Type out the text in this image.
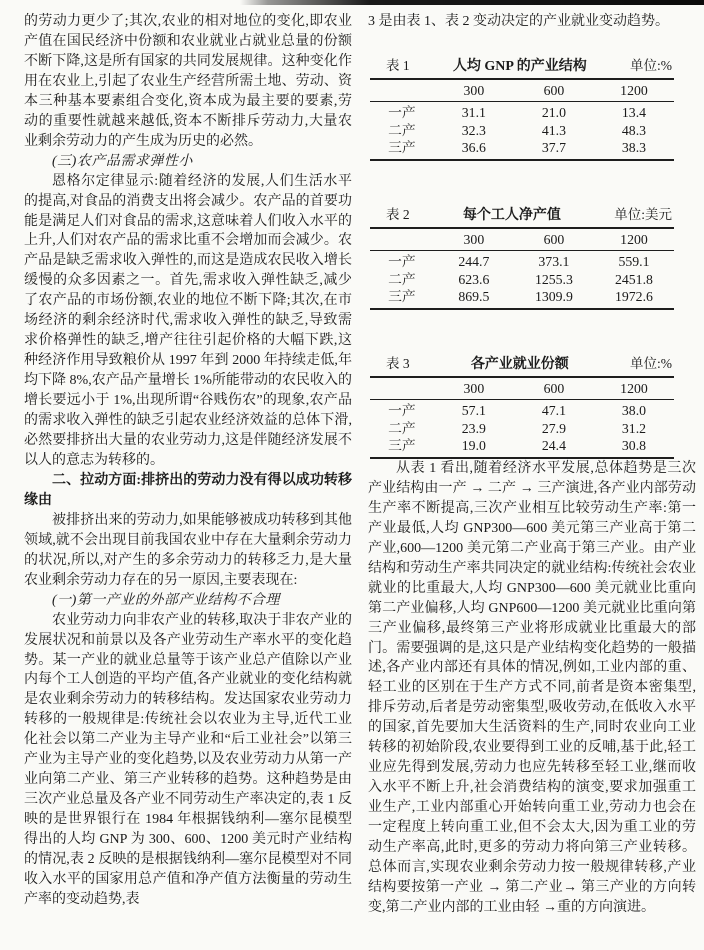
的劳动力更少了;其次,农业的相对地位的变化,即农业产值在国民经济中份额和农业就业占就业总量的份额不断下降,这是所有国家的共同发展规律。这种变化作用在农业上,引起了农业生产经营所需土地、劳动、资本三种基本要素组合变化,资本成为最主要的要素,劳动的重要性就越来越低,资本不断排斥劳动力,大量农业剩余劳动力的产生成为历史的必然。

(三)农产品需求弹性小

恩格尔定律显示:随着经济的发展,人们生活水平的提高,对食品的消费支出将会减少。农产品的首要功能是满足人们对食品的需求,这意味着人们收入水平的上升,人们对农产品的需求比重不会增加而会减少。农产品是缺乏需求收入弹性的,而这是造成农民收入增长缓慢的众多因素之一。首先,需求收入弹性缺乏,减少了农产品的市场份额,农业的地位不断下降;其次,在市场经济的剩余经济时代,需求收入弹性的缺乏,导致需求价格弹性的缺乏,增产往往引起价格的大幅下跌,这种经济作用导致粮价从 1997 年到 2000 年持续走低,年均下降 8%,农产品产量增长 1%所能带动的农民收入的增长要远小于 1%,出现所谓“谷贱伤农”的现象,农产品的需求收入弹性的缺乏引起农业经济效益的总体下滑,必然要排挤出大量的农业劳动力,这是伴随经济发展不以人的意志为转移的。

二、拉动方面:排挤出的劳动力没有得以成功转移缘由

被排挤出来的劳动力,如果能够被成功转移到其他领域,就不会出现目前我国农业中存在大量剩余劳动力的状况,所以,对产生的多余劳动力的转移乏力,是大量农业剩余劳动力存在的另一原因,主要表现在:

(一)第一产业的外部产业结构不合理

农业劳动力向非农产业的转移,取决于非农产业的发展状况和前景以及各产业劳动生产率水平的变化趋势。某一产业的就业总量等于该产业总产值除以产业内每个工人创造的平均产值,各产业就业的变化结构就是农业剩余劳动力的转移结构。发达国家农业劳动力转移的一般规律是:传统社会以农业为主导,近代工业化社会以第二产业为主导产业和“后工业社会”以第三产业为主导产业的变化趋势,以及农业劳动力从第一产业向第二产业、第三产业转移的趋势。这种趋势是由三次产业总量及各产业不同劳动生产率决定的,表 1 反映的是世界银行在 1984 年根据钱纳利—塞尔昆模型得出的人均 GNP 为 300、600、1200 美元时产业结构的情况,表 2 反映的是根据钱纳利—塞尔昆模型对不同收入水平的国家用总产值和净产值方法衡量的劳动生产率的变动趋势,表

3 是由表 1、表 2 变动决定的产业就业变动趋势。

表 1	人均 GNP 的产业结构	单位:%
	300	600	1200
一产	31.1	21.0	13.4
二产	32.3	41.3	48.3
三产	36.6	37.7	38.3
表 2	每个工人净产值	单位:美元
	300	600	1200
一产	244.7	373.1	559.1
二产	623.6	1255.3	2451.8
三产	869.5	1309.9	1972.6
表 3	各产业就业份额	单位:%
	300	600	1200
一产	57.1	47.1	38.0
二产	23.9	27.9	31.2
三产	19.0	24.4	30.8

从表 1 看出,随着经济水平发展,总体趋势是三次产业结构由一产 → 二产 → 三产演进,各产业内部劳动生产率不断提高,三次产业相互比较劳动生产率:第一产业最低,人均 GNP300—600 美元第三产业高于第二产业,600—1200 美元第二产业高于第三产业。由产业结构和劳动生产率共同决定的就业结构:传统社会农业就业的比重最大,人均 GNP300—600 美元就业比重向第二产业偏移,人均 GNP600—1200 美元就业比重向第三产业偏移,最终第三产业将形成就业比重最大的部门。需要强调的是,这只是产业结构变化趋势的一般描述,各产业内部还有具体的情况,例如,工业内部的重、轻工业的区别在于生产方式不同,前者是资本密集型,排斥劳动,后者是劳动密集型,吸收劳动,在低收入水平的国家,首先要加大生活资料的生产,同时农业向工业转移的初始阶段,农业要得到工业的反哺,基于此,轻工业应先得到发展,劳动力也应先转移至轻工业,继而收入水平不断上升,社会消费结构的演变,要求加强重工业生产,工业内部重心开始转向重工业,劳动力也会在一定程度上转向重工业,但不会太大,因为重工业的劳动生产率高,此时,更多的劳动力将向第三产业转移。总体而言,实现农业剩余劳动力按一般规律转移,产业结构要按第一产业 → 第二产业→ 第三产业的方向转变,第二产业内部的工业由轻 →重的方向演进。
